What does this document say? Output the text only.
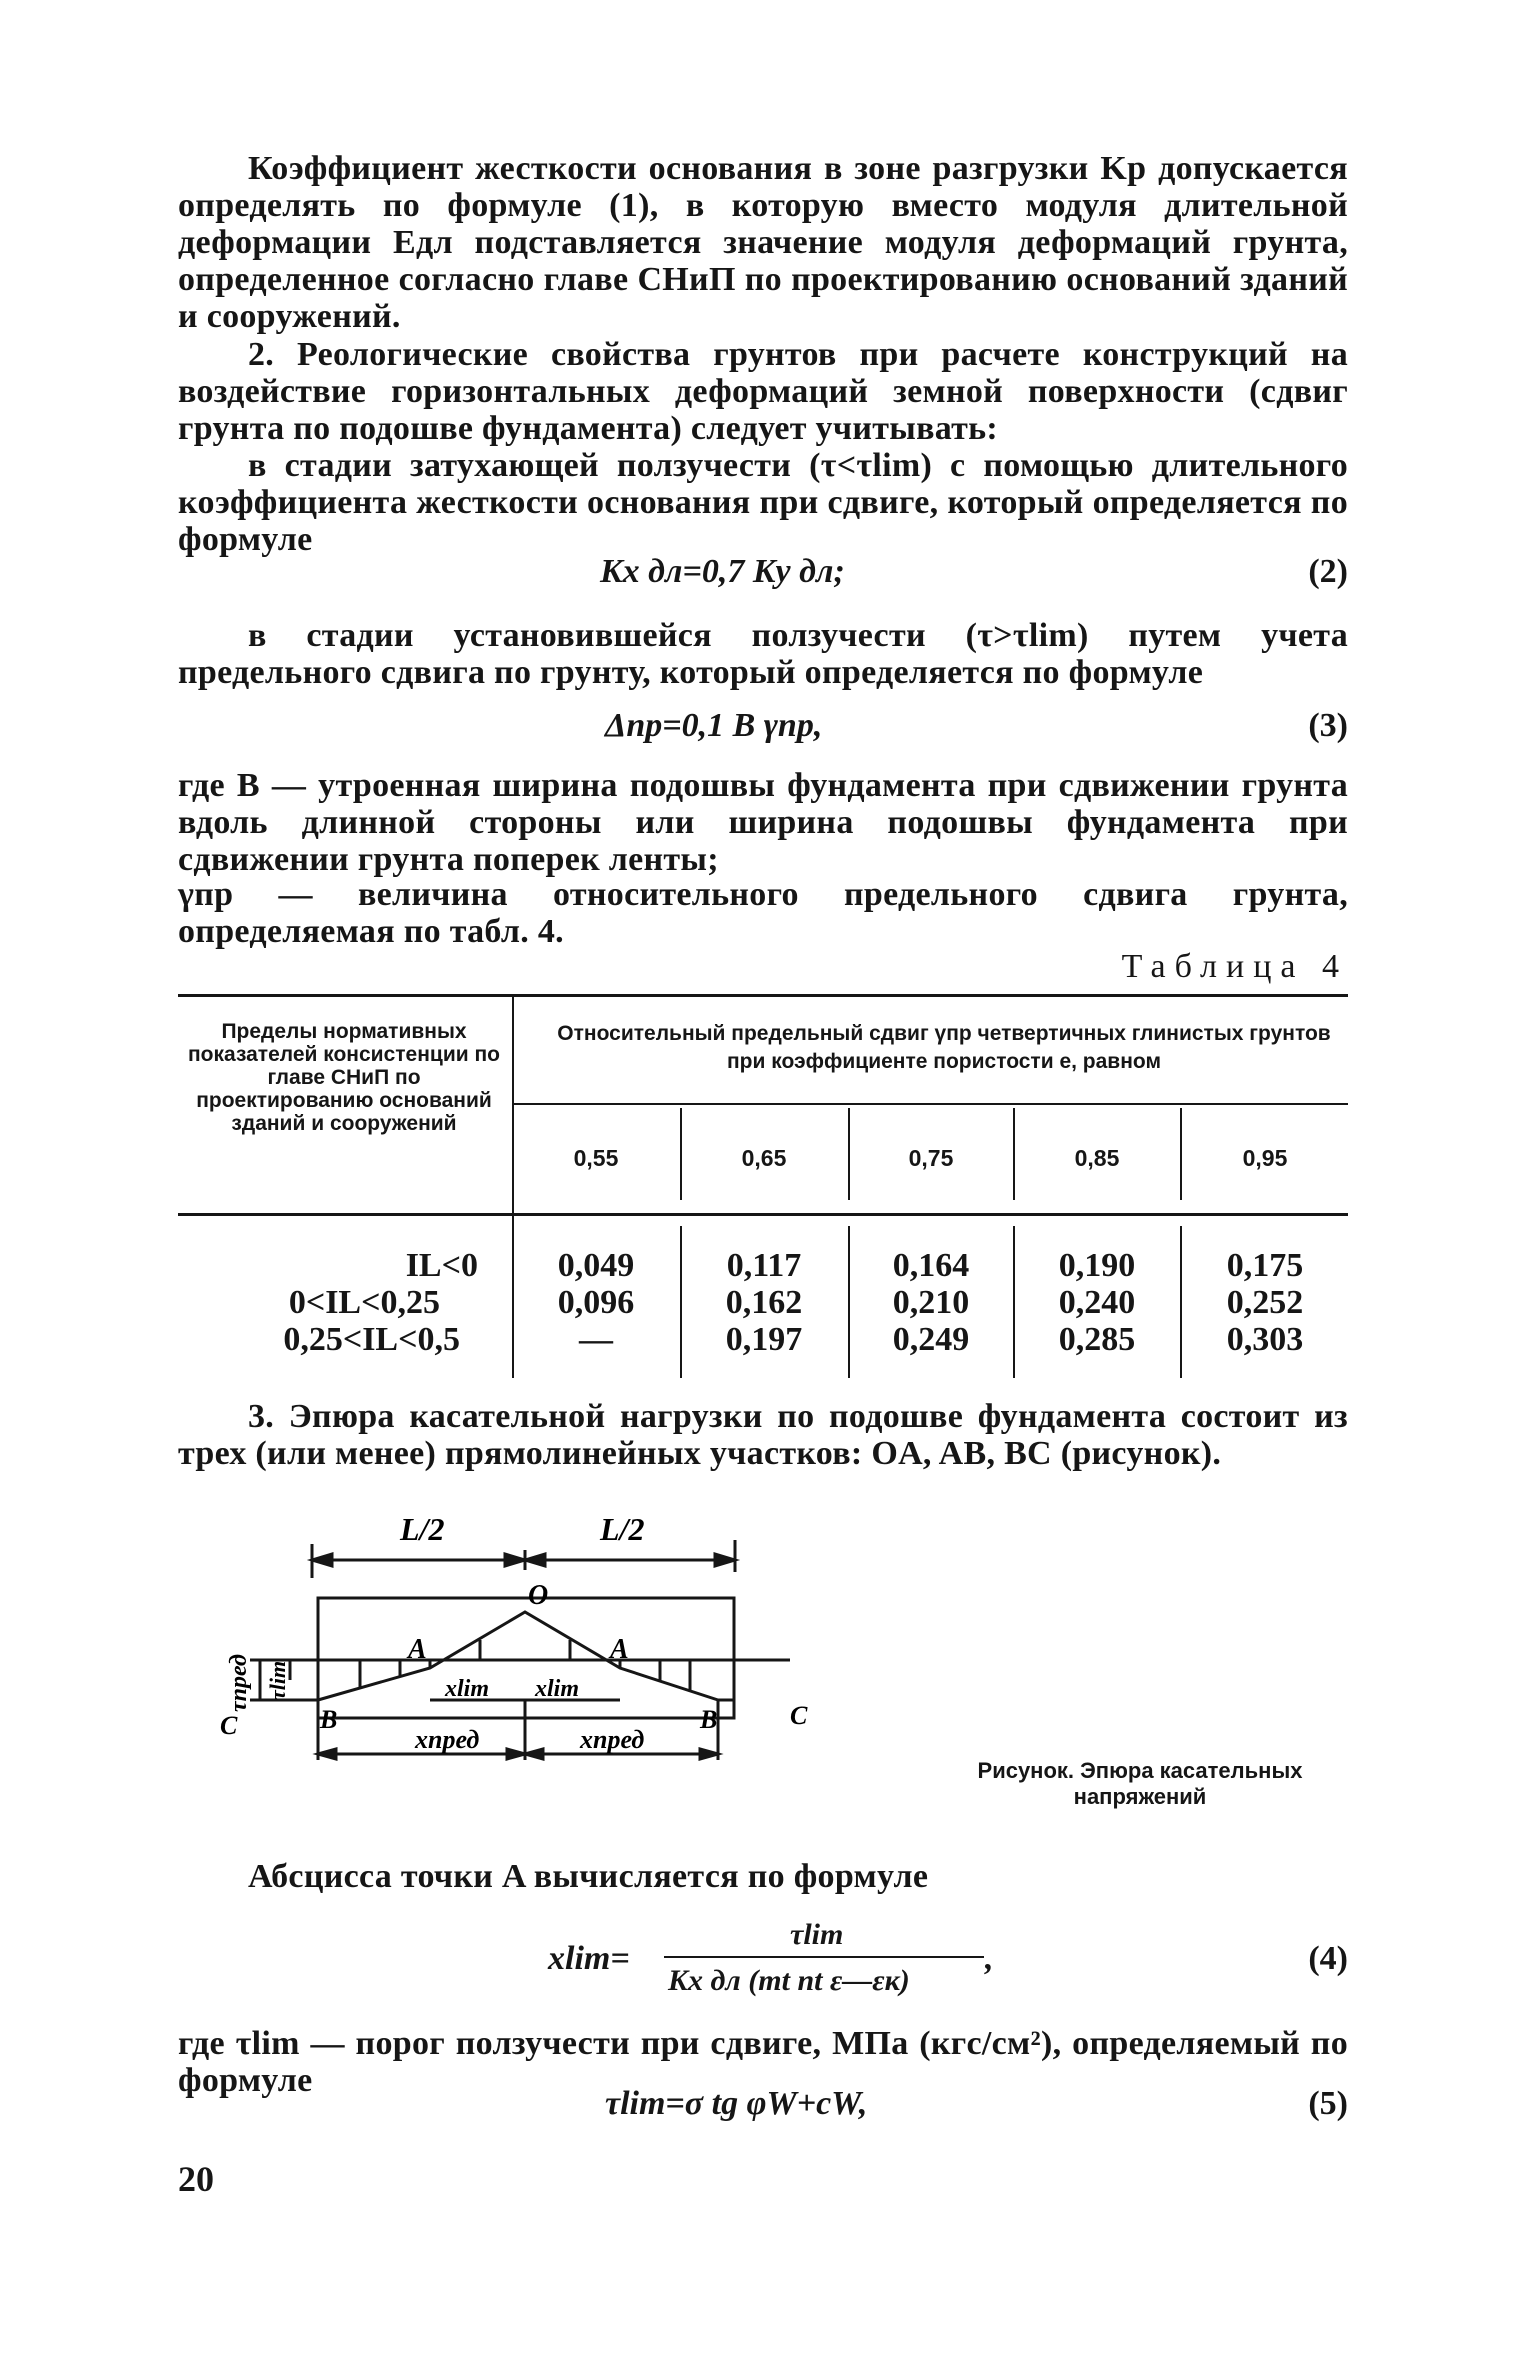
Коэффициент жесткости основания в зоне разгрузки Kр допускается определять по формуле (1), в которую вместо модуля длительной деформации Eдл подставляется значение модуля деформаций грунта, определенное согласно главе СНиП по проектированию оснований зданий и сооружений.
2. Реологические свойства грунтов при расчете конструкций на воздействие горизонтальных деформаций земной поверхности (сдвиг грунта по подошве фундамента) следует учитывать:
в стадии затухающей ползучести (τ<τlim) с помощью длительного коэффициента жесткости основания при сдвиге, который определяется по формуле
Kx дл=0,7 Ky дл;	(2)
в стадии установившейся ползучести (τ>τlim) путем учета предельного сдвига по грунту, который определяется по формуле
Δпр=0,1 B γпр,	(3)
где B — утроенная ширина подошвы фундамента при сдвижении грунта вдоль длинной стороны или ширина подошвы фундамента при сдвижении грунта поперек ленты;
γпр — величина относительного предельного сдвига грунта, определяемая по табл. 4.
Таблица 4
Пределы нормативных показателей консистенции по главе СНиП по проектированию оснований зданий и сооружений
Относительный предельный сдвиг γпр четвертичных глинистых грунтов при коэффициенте пористости e, равном
0,55	0,65	0,75	0,85	0,95
IL<0	0,049	0,117	0,164	0,190	0,175
0<IL<0,25	0,096	0,162	0,210	0,240	0,252
0,25<IL<0,5	—	0,197	0,249	0,285	0,303
3. Эпюра касательной нагрузки по подошве фундамента состоит из трех (или менее) прямолинейных участков: OA, AB, BC (рисунок).
L/2	L/2
O
A	A
B	B
C	C
τпред τlim	xlim xlim
xпред	xпред
Рисунок. Эпюра касательных напряжений
Абсцисса точки A вычисляется по формуле
xlim=
τlim
Kx дл (mt nt ε—εк)
,	(4)
где τlim — порог ползучести при сдвиге, МПа (кгс/см²), определяемый по формуле
τlim=σ tg φW+cW,	(5)
20
